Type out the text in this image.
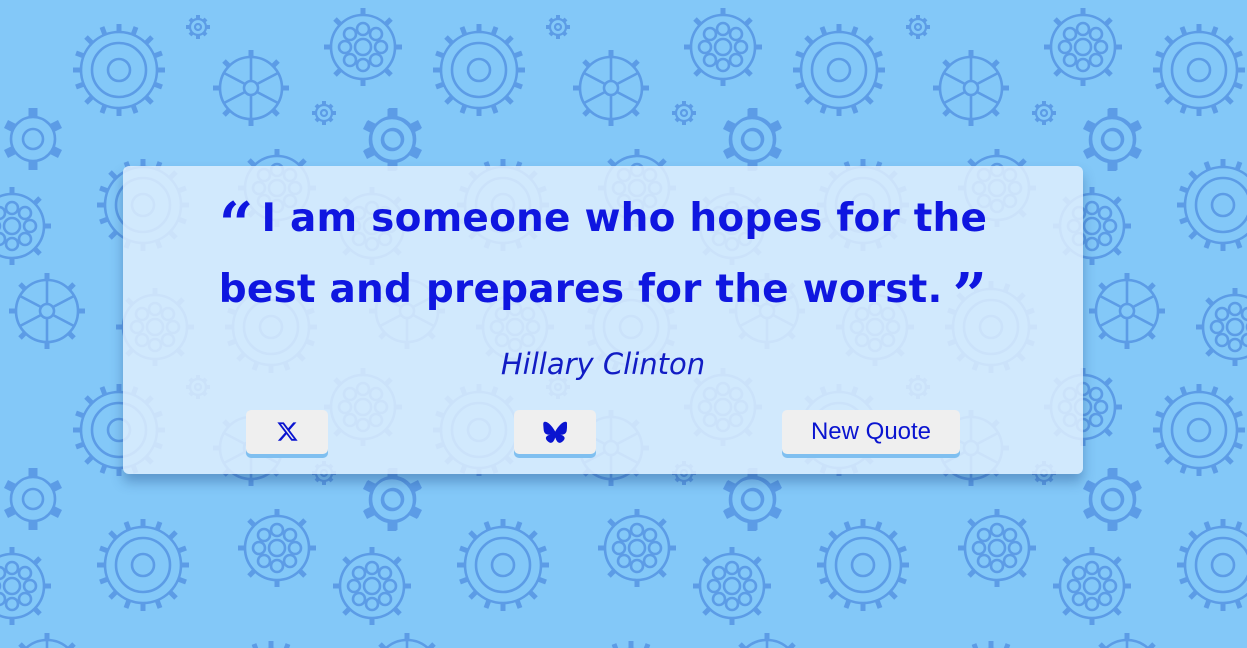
“ I am someone who hopes for the best and prepares for the worst. ”

Hillary Clinton
New Quote
